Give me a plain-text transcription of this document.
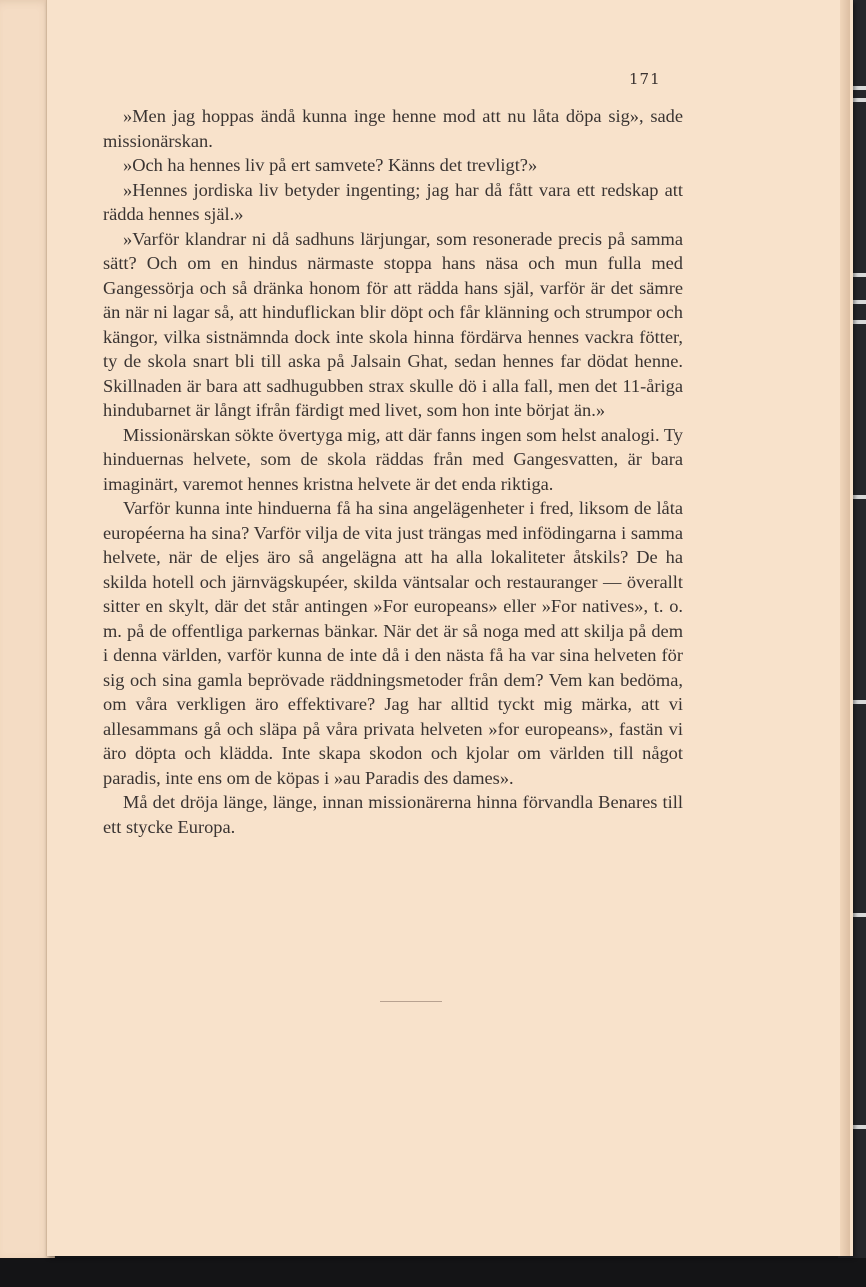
171

»Men jag hoppas ändå kunna inge henne mod att nu låta döpa sig», sade missionärskan.

»Och ha hennes liv på ert samvete? Känns det trevligt?»

»Hennes jordiska liv betyder ingenting; jag har då fått vara ett redskap att rädda hennes själ.»

»Varför klandrar ni då sadhuns lärjungar, som resonerade precis på samma sätt? Och om en hindus närmaste stoppa hans näsa och mun fulla med Gangessörja och så dränka honom för att rädda hans själ, varför är det sämre än när ni lagar så, att hinduflickan blir döpt och får klänning och strumpor och kängor, vilka sistnämnda dock inte skola hinna fördärva hennes vackra fötter, ty de skola snart bli till aska på Jalsain Ghat, sedan hennes far dödat henne. Skillnaden är bara att sadhugubben strax skulle dö i alla fall, men det 11-åriga hindubarnet är långt ifrån färdigt med livet, som hon inte börjat än.»

Missionärskan sökte övertyga mig, att där fanns ingen som helst analogi. Ty hinduernas helvete, som de skola räddas från med Gangesvatten, är bara imaginärt, varemot hennes kristna helvete är det enda riktiga.

Varför kunna inte hinduerna få ha sina angelägenheter i fred, liksom de låta européerna ha sina? Varför vilja de vita just trängas med infödingarna i samma helvete, när de eljes äro så angelägna att ha alla lokaliteter åtskils? De ha skilda hotell och järnvägskupéer, skilda väntsalar och restauranger — överallt sitter en skylt, där det står antingen »For europeans» eller »For natives», t. o. m. på de offentliga parkernas bänkar. När det är så noga med att skilja på dem i denna världen, varför kunna de inte då i den nästa få ha var sina helveten för sig och sina gamla beprövade räddningsmetoder från dem? Vem kan bedöma, om våra verkligen äro effektivare? Jag har alltid tyckt mig märka, att vi allesammans gå och släpa på våra privata helveten »for europeans», fastän vi äro döpta och klädda. Inte skapa skodon och kjolar om världen till något paradis, inte ens om de köpas i »au Paradis des dames».

Må det dröja länge, länge, innan missionärerna hinna förvandla Benares till ett stycke Europa.
